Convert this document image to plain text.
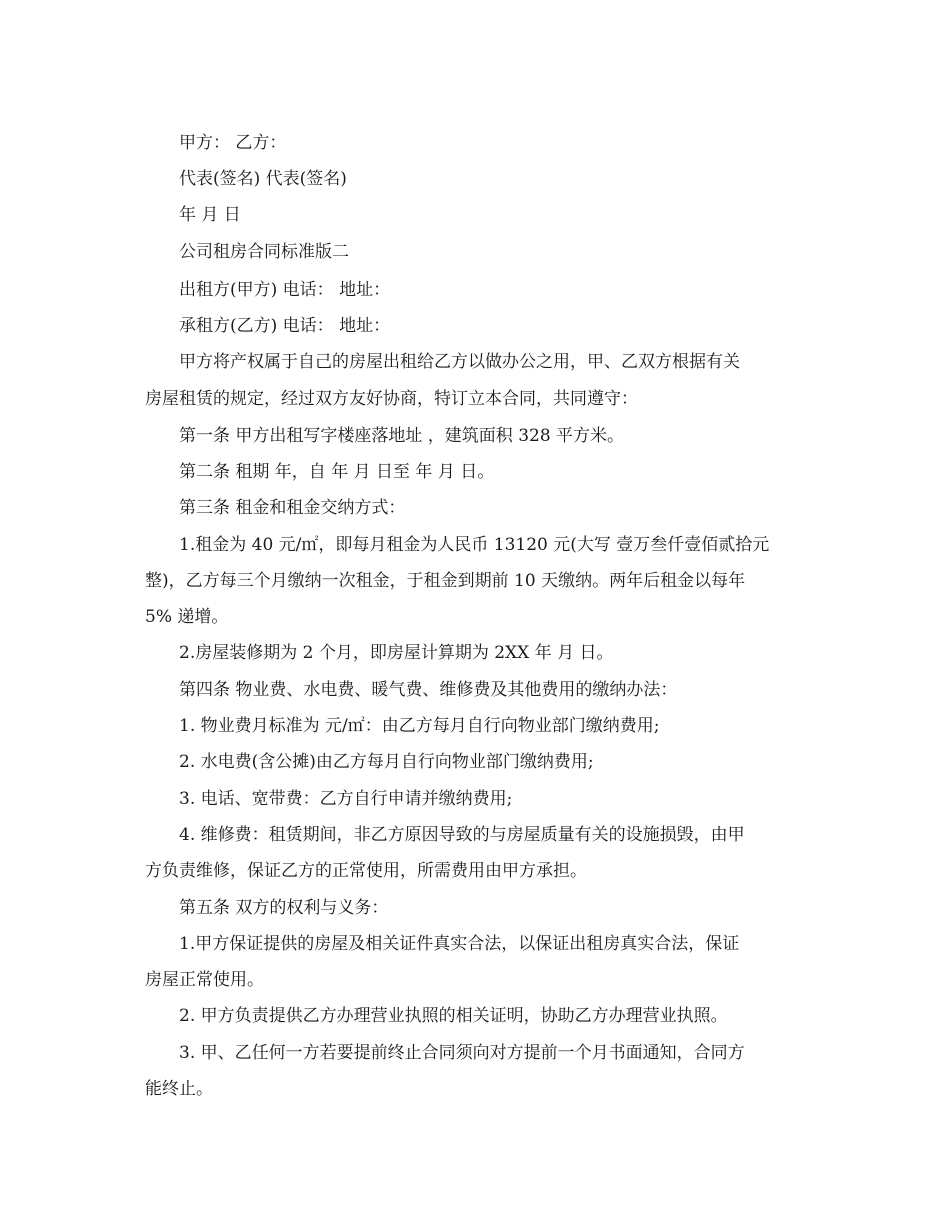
甲方： 乙方：
代表(签名) 代表(签名)
年 月 日
公司租房合同标准版二
出租方(甲方) 电话： 地址：
承租方(乙方) 电话： 地址：
甲方将产权属于自己的房屋出租给乙方以做办公之用，甲、乙双方根据有关
房屋租赁的规定，经过双方友好协商，特订立本合同，共同遵守：
第一条 甲方出租写字楼座落地址 ，建筑面积 328 平方米。
第二条 租期 年，自 年 月 日至 年 月 日。
第三条 租金和租金交纳方式：
1.租金为 40 元/㎡，即每月租金为人民币 13120 元(大写 壹万叁仟壹佰贰拾元
整)，乙方每三个月缴纳一次租金，于租金到期前 10 天缴纳。两年后租金以每年
5% 递增。
2.房屋装修期为 2 个月，即房屋计算期为 2XX 年 月 日。
第四条 物业费、水电费、暖气费、维修费及其他费用的缴纳办法：
1. 物业费月标准为 元/㎡：由乙方每月自行向物业部门缴纳费用;
2. 水电费(含公摊)由乙方每月自行向物业部门缴纳费用;
3. 电话、宽带费：乙方自行申请并缴纳费用;
4. 维修费：租赁期间，非乙方原因导致的与房屋质量有关的设施损毁，由甲
方负责维修，保证乙方的正常使用，所需费用由甲方承担。
第五条 双方的权利与义务：
1.甲方保证提供的房屋及相关证件真实合法，以保证出租房真实合法，保证
房屋正常使用。
2. 甲方负责提供乙方办理营业执照的相关证明，协助乙方办理营业执照。
3. 甲、乙任何一方若要提前终止合同须向对方提前一个月书面通知，合同方
能终止。
